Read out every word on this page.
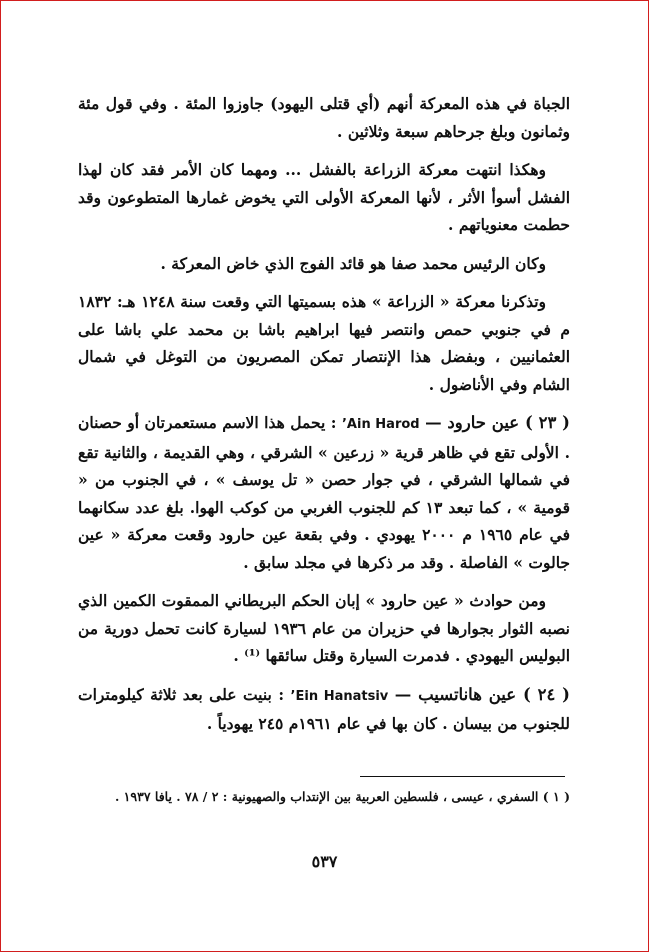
الجباة في هذه المعركة أنهم (أي قتلى اليهود) جاوزوا المئة . وفي قول مئة وثمانون وبلغ جرحاهم سبعة وثلاثين .

وهكذا انتهت معركة الزراعة بالفشل ... ومهما كان الأمر فقد كان لهذا الفشل أسوأ الأثر ، لأنها المعركة الأولى التي يخوض غمارها المتطوعون وقد حطمت معنوياتهم .

وكان الرئيس محمد صفا هو قائد الفوج الذي خاض المعركة .

وتذكرنا معركة « الزراعة » هذه بسميتها التي وقعت سنة ١٢٤٨ هـ: ١٨٣٢ م في جنوبي حمص وانتصر فيها ابراهيم باشا بن محمد علي باشا على العثمانيين ، وبفضل هذا الإنتصار تمكن المصريون من التوغل في شمال الشام وفي الأناضول .

( ٢٣ ) عين حارود — ’Ain Harod : يحمل هذا الاسم مستعمرتان أو حصنان . الأولى تقع في ظاهر قرية « زرعين » الشرقي ، وهي القديمة ، والثانية تقع في شمالها الشرقي ، في جوار حصن « تل يوسف » ، في الجنوب من « قومية » ، كما تبعد ١٣ كم للجنوب الغربي من كوكب الهوا. بلغ عدد سكانهما في عام ١٩٦٥ م ٢٠٠٠ يهودي . وفي بقعة عين حارود وقعت معركة « عين جالوت » الفاصلة . وقد مر ذكرها في مجلد سابق .

ومن حوادث « عين حارود » إبان الحكم البريطاني الممقوت الكمين الذي نصبه الثوار بجوارها في حزيران من عام ١٩٣٦ لسيارة كانت تحمل دورية من البوليس اليهودي . فدمرت السيارة وقتل سائقها ⁽¹⁾ .

( ٢٤ ) عين هاناتسيب — ’Ein Hanatsiv : بنيت على بعد ثلاثة كيلومترات للجنوب من بيسان . كان بها في عام ١٩٦١م ٢٤٥ يهودياً .

( ١ ) السفري ، عيسى ، فلسطين العربية بين الإنتداب والصهيونية : ٢ / ٧٨ . يافا ١٩٣٧ .
٥٣٧
